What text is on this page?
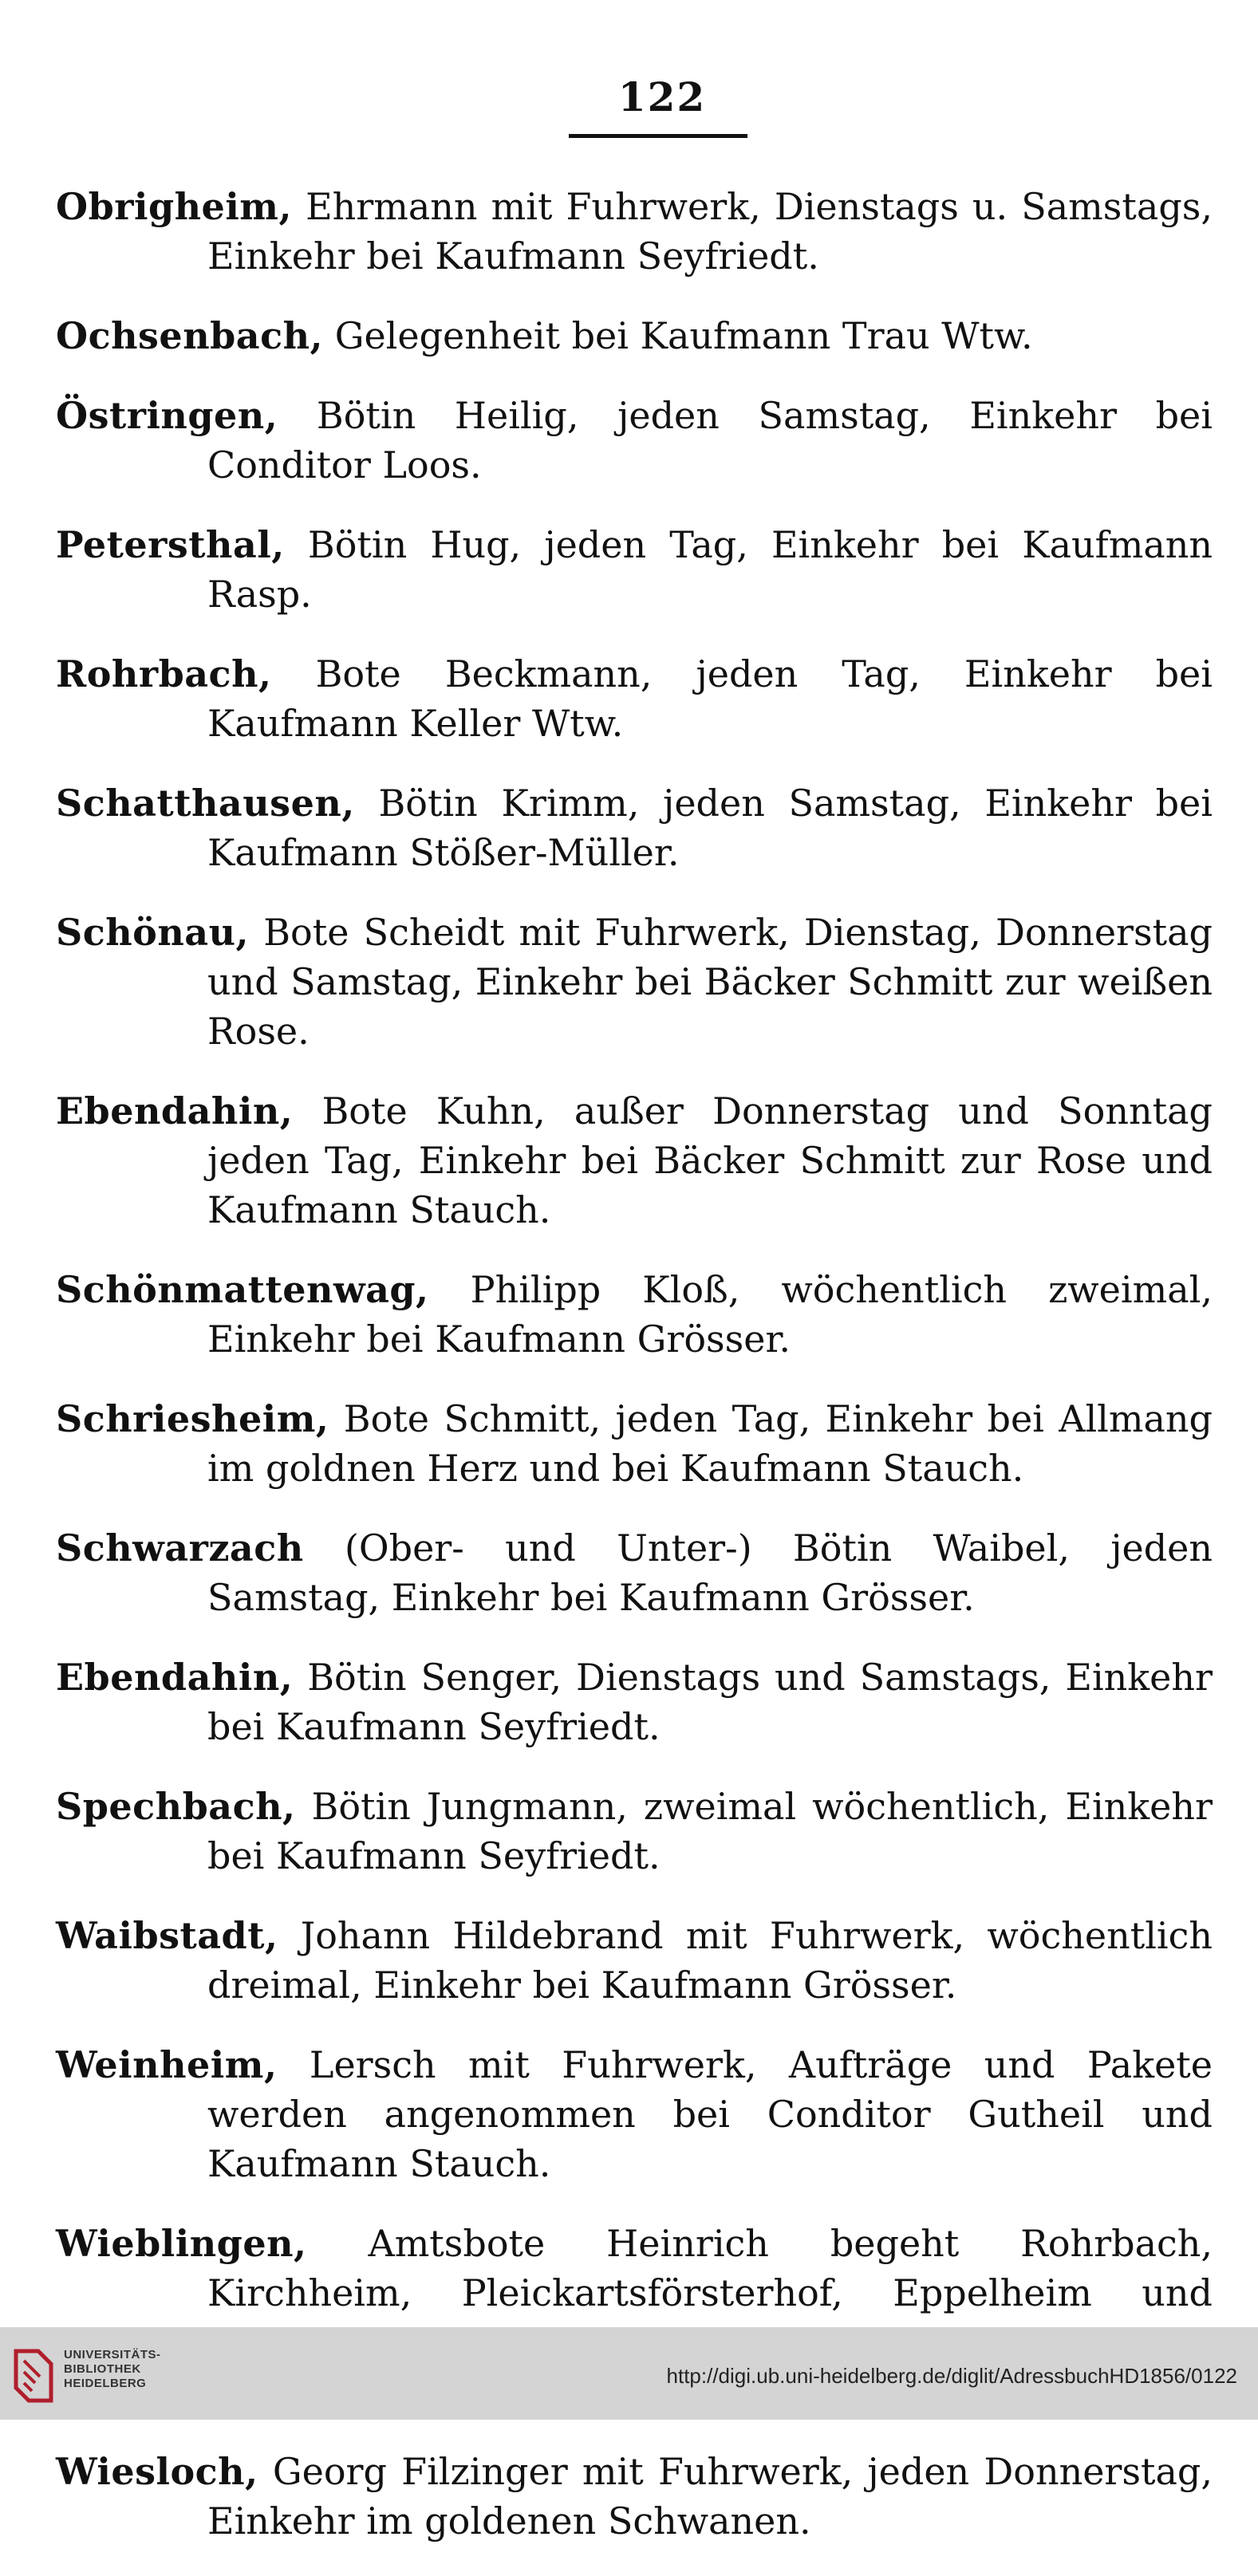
122

Obrigheim, Ehrmann mit Fuhrwerk, Dienstags u. Samstags, Einkehr bei Kaufmann Seyfriedt.

Ochsenbach, Gelegenheit bei Kaufmann Trau Wtw.

Östringen, Bötin Heilig, jeden Samstag, Einkehr bei Conditor Loos.

Petersthal, Bötin Hug, jeden Tag, Einkehr bei Kaufmann Rasp.

Rohrbach, Bote Beckmann, jeden Tag, Einkehr bei Kaufmann Keller Wtw.

Schatthausen, Bötin Krimm, jeden Samstag, Einkehr bei Kaufmann Stößer-Müller.

Schönau, Bote Scheidt mit Fuhrwerk, Dienstag, Donnerstag und Samstag, Einkehr bei Bäcker Schmitt zur weißen Rose.

Ebendahin, Bote Kuhn, außer Donnerstag und Sonntag jeden Tag, Einkehr bei Bäcker Schmitt zur Rose und Kaufmann Stauch.

Schönmattenwag, Philipp Kloß, wöchentlich zweimal, Einkehr bei Kaufmann Grösser.

Schriesheim, Bote Schmitt, jeden Tag, Einkehr bei Allmang im goldnen Herz und bei Kaufmann Stauch.

Schwarzach (Ober- und Unter-) Bötin Waibel, jeden Samstag, Einkehr bei Kaufmann Grösser.

Ebendahin, Bötin Senger, Dienstags und Samstags, Einkehr bei Kaufmann Seyfriedt.

Spechbach, Bötin Jungmann, zweimal wöchentlich, Einkehr bei Kaufmann Seyfriedt.

Waibstadt, Johann Hildebrand mit Fuhrwerk, wöchentlich dreimal, Einkehr bei Kaufmann Grösser.

Weinheim, Lersch mit Fuhrwerk, Aufträge und Pakete werden angenommen bei Conditor Gutheil und Kaufmann Stauch.

Wieblingen, Amtsbote Heinrich begeht Rohrbach, Kirchheim, Pleickartsförsterhof, Eppelheim und

Wiesloch, Georg Filzinger mit Fuhrwerk, jeden Donnerstag, Einkehr im goldenen Schwanen.

UNIVERSITÄTS-
BIBLIOTHEK
HEIDELBERG	http://digi.ub.uni-heidelberg.de/diglit/AdressbuchHD1856/0122
